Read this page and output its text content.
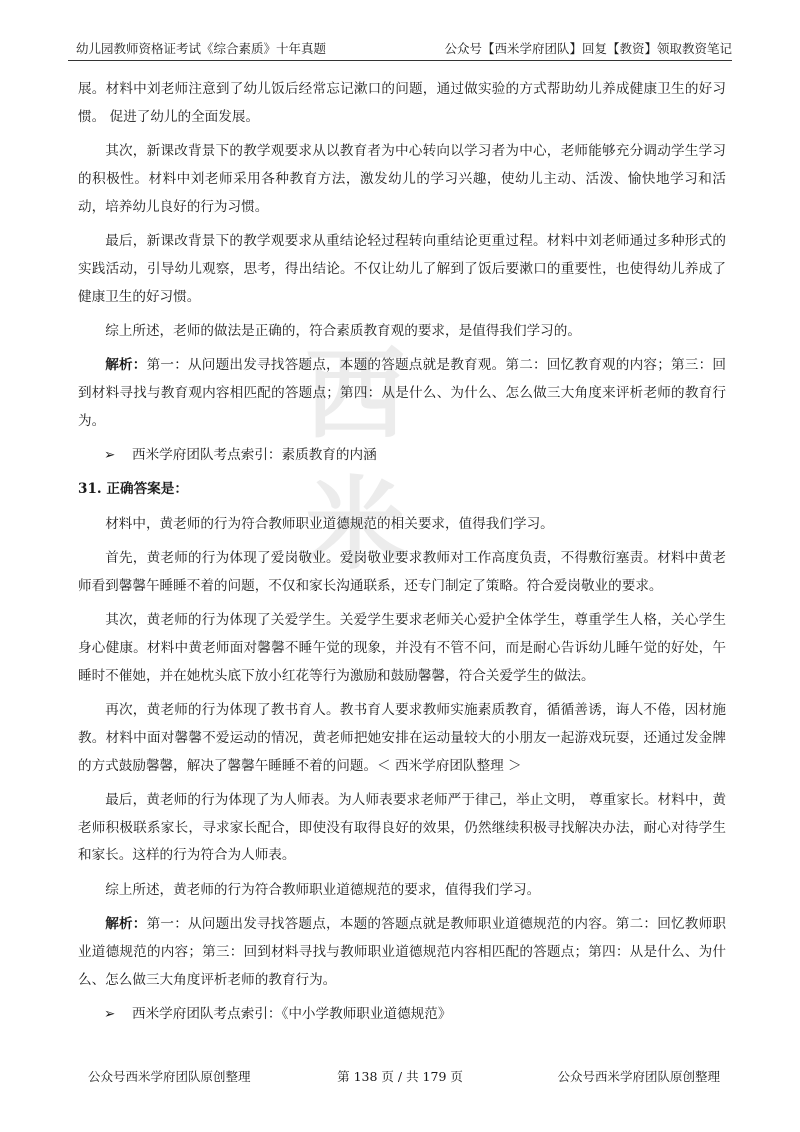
幼儿园教师资格证考试《综合素质》十年真题	公众号【西米学府团队】回复【教资】领取教资笔记
西米

展。材料中刘老师注意到了幼儿饭后经常忘记漱口的问题，通过做实验的方式帮助幼儿养成健康卫生的好习惯。 促进了幼儿的全面发展。

其次，新课改背景下的教学观要求从以教育者为中心转向以学习者为中心，老师能够充分调动学生学习的积极性。材料中刘老师采用各种教育方法，激发幼儿的学习兴趣，使幼儿主动、活泼、愉快地学习和活动，培养幼儿良好的行为习惯。

最后，新课改背景下的教学观要求从重结论轻过程转向重结论更重过程。材料中刘老师通过多种形式的实践活动，引导幼儿观察，思考，得出结论。不仅让幼儿了解到了饭后要漱口的重要性，也使得幼儿养成了健康卫生的好习惯。

综上所述，老师的做法是正确的，符合素质教育观的要求，是值得我们学习的。

解析：第一：从问题出发寻找答题点，本题的答题点就是教育观。第二：回忆教育观的内容；第三：回到材料寻找与教育观内容相匹配的答题点；第四：从是什么、为什么、怎么做三大角度来评析老师的教育行为。

➢ 西米学府团队考点索引：素质教育的内涵

31. 正确答案是：

材料中，黄老师的行为符合教师职业道德规范的相关要求，值得我们学习。

首先，黄老师的行为体现了爱岗敬业。爱岗敬业要求教师对工作高度负责，不得敷衍塞责。材料中黄老师看到馨馨午睡睡不着的问题，不仅和家长沟通联系，还专门制定了策略。符合爱岗敬业的要求。

其次，黄老师的行为体现了关爱学生。关爱学生要求老师关心爱护全体学生，尊重学生人格，关心学生身心健康。材料中黄老师面对馨馨不睡午觉的现象，并没有不管不问，而是耐心告诉幼儿睡午觉的好处，午睡时不催她，并在她枕头底下放小红花等行为激励和鼓励馨馨，符合关爱学生的做法。

再次，黄老师的行为体现了教书育人。教书育人要求教师实施素质教育，循循善诱，诲人不倦，因材施教。材料中面对馨馨不爱运动的情况，黄老师把她安排在运动量较大的小朋友一起游戏玩耍，还通过发金牌的方式鼓励馨馨，解决了馨馨午睡睡不着的问题。＜ 西米学府团队整理 ＞

最后，黄老师的行为体现了为人师表。为人师表要求老师严于律己，举止文明， 尊重家长。材料中，黄老师积极联系家长，寻求家长配合，即使没有取得良好的效果，仍然继续积极寻找解决办法，耐心对待学生和家长。这样的行为符合为人师表。

综上所述，黄老师的行为符合教师职业道德规范的要求，值得我们学习。

解析：第一：从问题出发寻找答题点，本题的答题点就是教师职业道德规范的内容。第二：回忆教师职业道德规范的内容；第三：回到材料寻找与教师职业道德规范内容相匹配的答题点；第四：从是什么、为什么、怎么做三大角度评析老师的教育行为。

➢ 西米学府团队考点索引：《中小学教师职业道德规范》

公众号西米学府团队原创整理	第 138 页 / 共 179 页	公众号西米学府团队原创整理
